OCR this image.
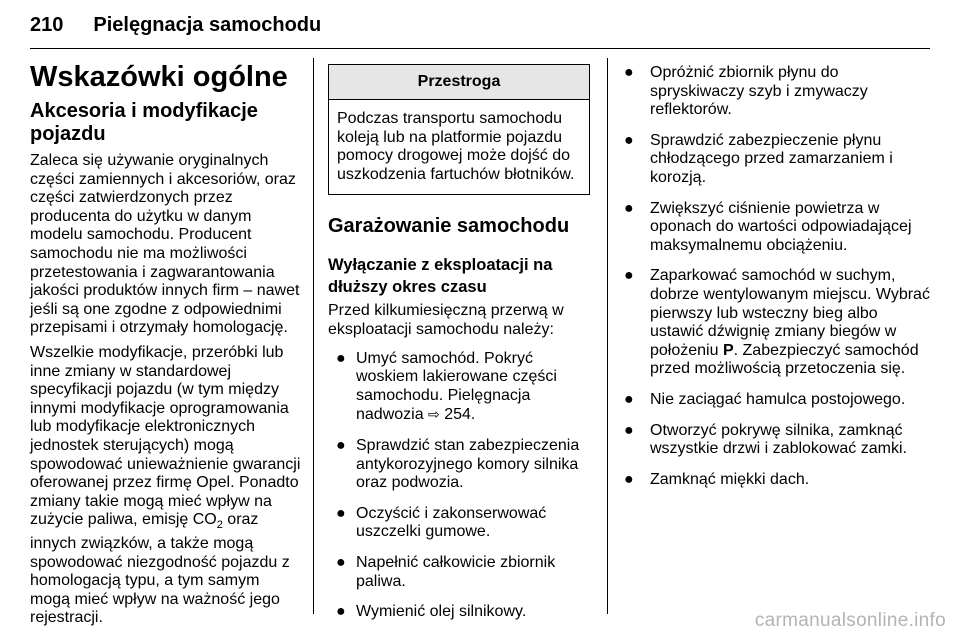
210 Pielęgnacja samochodu
Wskazówki ogólne
Akcesoria i modyfikacje pojazdu

Zaleca się używanie oryginalnych części zamiennych i akcesoriów, oraz części zatwierdzonych przez producenta do użytku w danym modelu samochodu. Producent samochodu nie ma możliwości przetestowania i zagwarantowania jakości produktów innych firm – nawet jeśli są one zgodne z odpowiednimi przepisami i otrzymały homologację.

Wszelkie modyfikacje, przeróbki lub inne zmiany w standardowej specyfikacji pojazdu (w tym między innymi modyfikacje oprogramowania lub modyfikacje elektronicznych jednostek sterujących) mogą spowodować unieważnienie gwarancji oferowanej przez firmę Opel. Ponadto zmiany takie mogą mieć wpływ na zużycie paliwa, emisję $CO_2$ oraz innych związków, a także mogą spowodować niezgodność pojazdu z homologacją typu, a tym samym mogą mieć wpływ na ważność jego rejestracji.

Przestroga
Podczas transportu samochodu koleją lub na platformie pojazdu pomocy drogowej może dojść do uszkodzenia fartuchów błotników.
Garażowanie samochodu
Wyłączanie z eksploatacji na dłuższy okres czasu

Przed kilkumiesięczną przerwą w eksploatacji samochodu należy:

● Umyć samochód. Pokryć woskiem lakierowane części samochodu. Pielęgnacja nadwozia ⇨ 254.
● Sprawdzić stan zabezpieczenia antykorozyjnego komory silnika oraz podwozia.
● Oczyścić i zakonserwować uszczelki gumowe.
● Napełnić całkowicie zbiornik paliwa.
● Wymienić olej silnikowy.
● Opróżnić zbiornik płynu do spryskiwaczy szyb i zmywaczy reflektorów.
● Sprawdzić zabezpieczenie płynu chłodzącego przed zamarzaniem i korozją.
● Zwiększyć ciśnienie powietrza w oponach do wartości odpowiadającej maksymalnemu obciążeniu.
● Zaparkować samochód w suchym, dobrze wentylowanym miejscu. Wybrać pierwszy lub wsteczny bieg albo ustawić dźwignię zmiany biegów w położeniu P. Zabezpieczyć samochód przed możliwością przetoczenia się.
● Nie zaciągać hamulca postojowego.
● Otworzyć pokrywę silnika, zamknąć wszystkie drzwi i zablokować zamki.
● Zamknąć miękki dach.
carmanualsonline.info
